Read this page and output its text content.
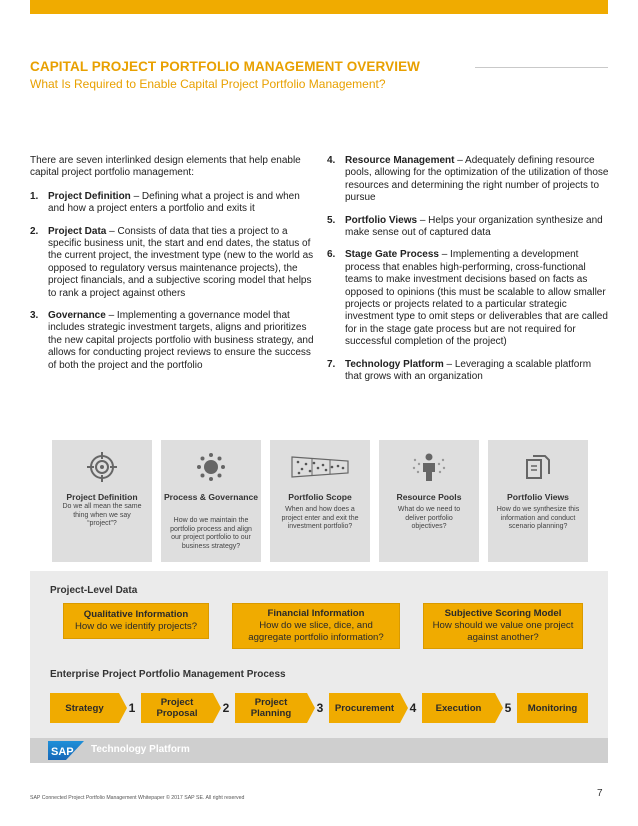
CAPITAL PROJECT PORTFOLIO MANAGEMENT OVERVIEW
What Is Required to Enable Capital Project Portfolio Management?

There are seven interlinked design elements that help enable capital project portfolio management:

1. Project Definition – Defining what a project is and when and how a project enters a portfolio and exits it
2. Project Data – Consists of data that ties a project to a specific business unit, the start and end dates, the status of the current project, the investment type (new to the world as opposed to regulatory versus maintenance projects), the project financials, and a subjective scoring model that helps to rank a project against others
3. Governance – Implementing a governance model that includes strategic investment targets, aligns and prioritizes the new capital projects portfolio with business strategy, and allows for conducting project reviews to ensure the success of both the project and the portfolio
4. Resource Management – Adequately defining resource pools, allowing for the optimization of the utilization of those resources and determining the right number of projects to pursue
5. Portfolio Views – Helps your organization synthesize and make sense out of captured data
6. Stage Gate Process – Implementing a development process that enables high-performing, cross-functional teams to make investment decisions based on facts as opposed to opinions (this must be scalable to allow smaller projects or projects related to a particular strategic investment type to omit steps or deliverables that are called for in the stage gate process but are not required for successful completion of the project)
7. Technology Platform – Leveraging a scalable platform that grows with an organization
Project Definition
Do we all mean the same thing when we say “project”?
Process & Governance
How do we maintain the portfolio process and align our project portfolio to our business strategy?
Portfolio Scope
When and how does a project enter and exit the investment portfolio?
Resource Pools
What do we need to deliver portfolio objectives?
Portfolio Views
How do we synthesize this information and conduct scenario planning?
Project-Level Data
Qualitative Information
How do we identify projects?
Financial Information
How do we slice, dice, and aggregate portfolio information?
Subjective Scoring Model
How should we value one project against another?
Enterprise Project Portfolio Management Process
Strategy	1	Project Proposal	2	Project Planning	3	Procurement	4	Execution	5	Monitoring
SAP Technology Platform
SAP Connected Project Portfolio Management Whitepaper © 2017 SAP SE. All right reserved	7
